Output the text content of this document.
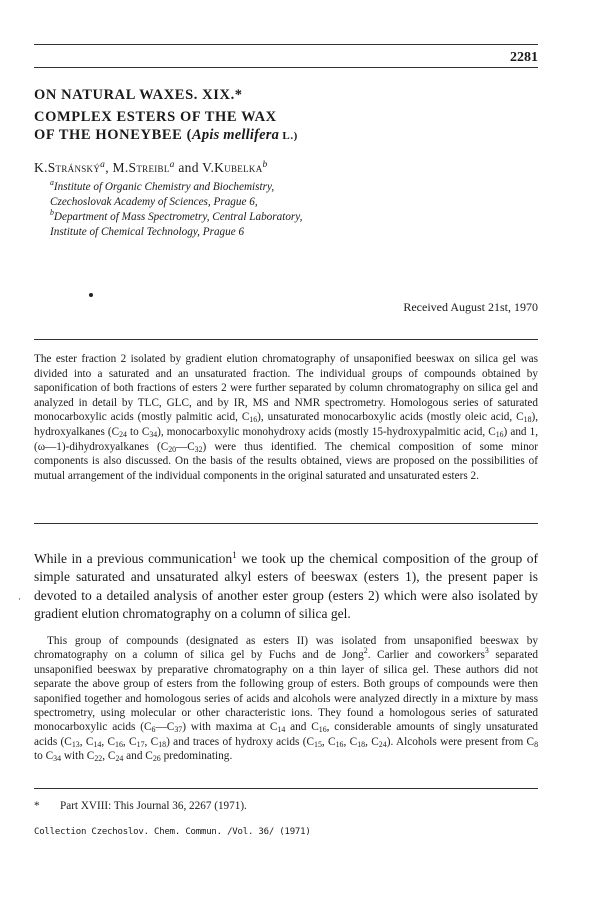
2281
ON NATURAL WAXES. XIX.*
COMPLEX ESTERS OF THE WAX
OF THE HONEYBEE (Apis mellifera L.)
K.Stránský$^a$, M.Streibl$^a$ and V.Kubelka$^b$
$^a$Institute of Organic Chemistry and Biochemistry,
Czechoslovak Academy of Sciences, Prague 6,
$^b$Department of Mass Spectrometry, Central Laboratory,
Institute of Chemical Technology, Prague 6
Received August 21st, 1970
The ester fraction 2 isolated by gradient elution chromatography of unsaponified beeswax on silica gel was divided into a saturated and an unsaturated fraction. The individual groups of compounds obtained by saponification of both fractions of esters 2 were further separated by column chromatography on silica gel and analyzed in detail by TLC, GLC, and by IR, MS and NMR spectrometry. Homologous series of saturated monocarboxylic acids (mostly palmitic acid, $C_{16}$), unsaturated monocarboxylic acids (mostly oleic acid, $C_{18}$), hydroxyalkanes ($C_{24}$ to $C_{34}$), monocarboxylic monohydroxy acids (mostly 15-hydroxypalmitic acid, $C_{16}$) and 1,(ω—1)-dihydroxyalkanes $(C_{20}—C_{32})$ were thus identified. The chemical composition of some minor components is also discussed. On the basis of the results obtained, views are proposed on the possibilities of mutual arrangement of the individual components in the original saturated and unsaturated esters 2.
·
While in a previous communication$^1$ we took up the chemical composition of the group of simple saturated and unsaturated alkyl esters of beeswax (esters 1), the present paper is devoted to a detailed analysis of another ester group (esters 2) which were also isolated by gradient elution chromatography on a column of silica gel.
This group of compounds (designated as esters II) was isolated from unsaponified beeswax by chromatography on a column of silica gel by Fuchs and de Jong$^2$. Carlier and coworkers$^3$ separated unsaponified beeswax by preparative chromatography on a thin layer of silica gel. These authors did not separate the above group of esters from the following group of esters. Both groups of compounds were then saponified together and homologous series of acids and alcohols were analyzed directly in a mixture by mass spectrometry, using molecular or other characteristic ions. They found a homologous series of saturated monocarboxylic acids $(C_6—C_{37})$ with maxima at $C_{14}$ and $C_{16}$, considerable amounts of singly unsaturated acids ($C_{13}$, $C_{14}$, $C_{16}$, $C_{17}$, $C_{18}$) and traces of hydroxy acids ($C_{15}$, $C_{16}$, $C_{18}$, $C_{24}$). Alcohols were present from $C_8$ to $C_{34}$ with $C_{22}$, $C_{24}$ and $C_{26}$ predominating.
* Part XVIII: This Journal 36, 2267 (1971).
Collection Czechoslov. Chem. Commun. /Vol. 36/ (1971)
